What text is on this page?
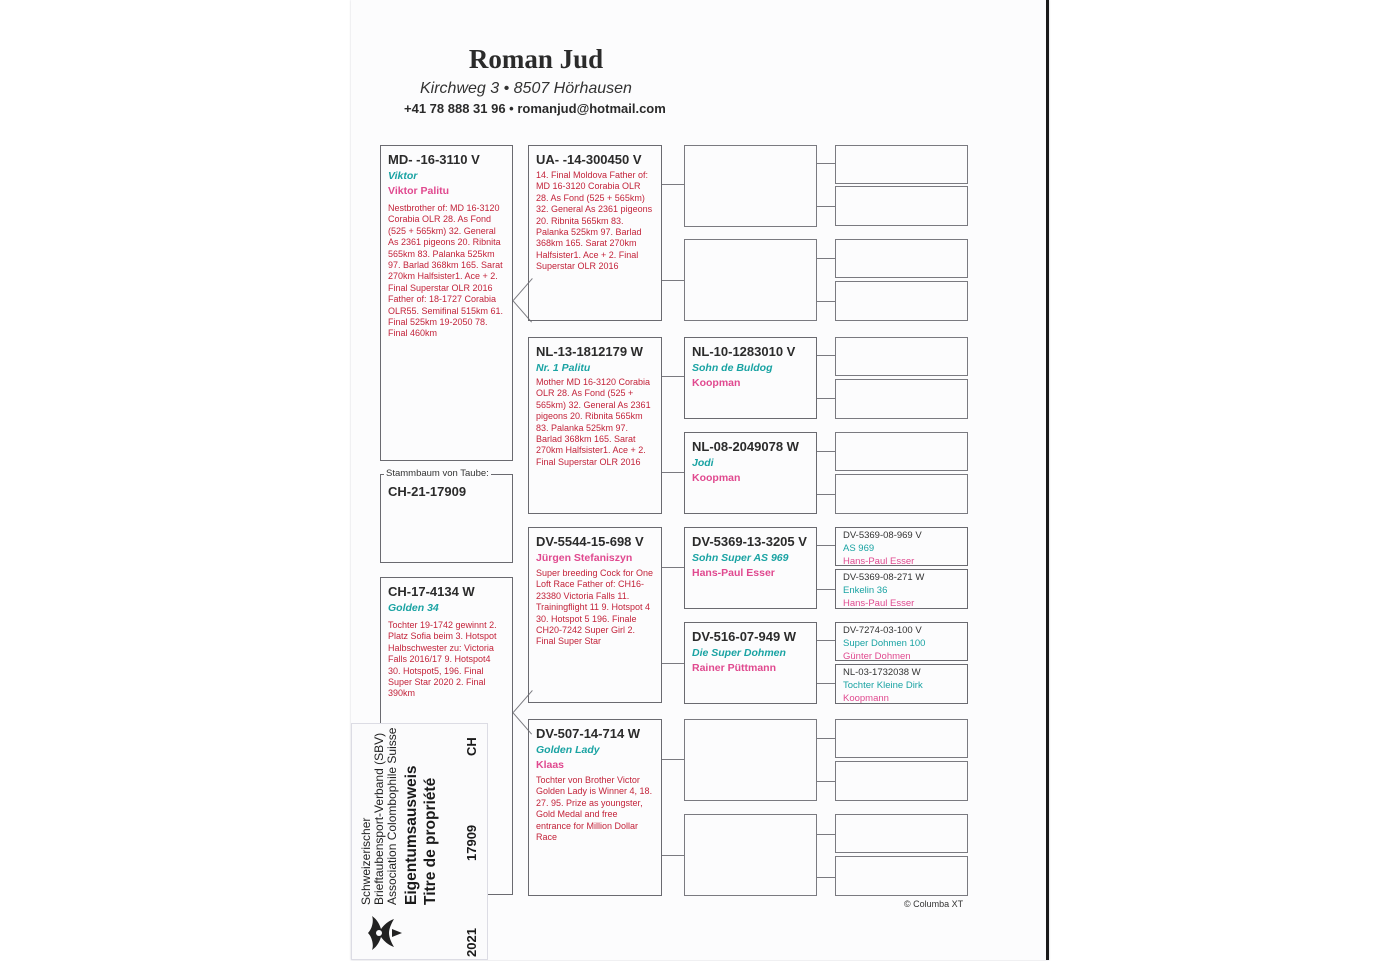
Roman Jud
Kirchweg 3 • 8507 Hörhausen
+41 78 888 31 96 • romanjud@hotmail.com
MD- -16-3110 V
Viktor
Viktor Palitu
Nestbrother of: MD 16-3120 Corabia OLR 28. As Fond (525 + 565km) 32. General As 2361 pigeons 20. Ribnita 565km 83. Palanka 525km 97. Barlad 368km 165. Sarat 270km Halfsister1. Ace + 2. Final Superstar OLR 2016 Father of: 18-1727 Corabia OLR55. Semifinal 515km 61. Final 525km 19-2050 78. Final 460km
CH-21-17909
Stammbaum von Taube:
CH-17-4134 W
Golden 34
Tochter 19-1742 gewinnt 2. Platz Sofia beim 3. Hotspot Halbschwester zu: Victoria Falls 2016/17 9. Hotspot4 30. Hotspot5, 196. Final Super Star 2020 2. Final 390km
UA- -14-300450 V
14. Final Moldova Father of: MD 16-3120 Corabia OLR 28. As Fond (525 + 565km) 32. General As 2361 pigeons 20. Ribnita 565km 83. Palanka 525km 97. Barlad 368km 165. Sarat 270km Halfsister1. Ace + 2. Final Superstar OLR 2016
NL-13-1812179 W
Nr. 1 Palitu
Mother MD 16-3120 Corabia OLR 28. As Fond (525 + 565km) 32. General As 2361 pigeons 20. Ribnita 565km 83. Palanka 525km 97. Barlad 368km 165. Sarat 270km Halfsister1. Ace + 2. Final Superstar OLR 2016
DV-5544-15-698 V
Jürgen Stefaniszyn
Super breeding Cock for One Loft Race Father of: CH16-23380 Victoria Falls 11. Trainingflight 11 9. Hotspot 4 30. Hotspot 5 196. Finale CH20-7242 Super Girl 2. Final Super Star
DV-507-14-714 W
Golden Lady
Klaas
Tochter von Brother Victor Golden Lady is Winner 4, 18. 27. 95. Prize as youngster, Gold Medal and free entrance for Million Dollar Race
NL-10-1283010 V
Sohn de Buldog
Koopman
NL-08-2049078 W
Jodi
Koopman
DV-5369-13-3205 V
Sohn Super AS 969
Hans-Paul Esser
DV-516-07-949 W
Die Super Dohmen
Rainer Püttmann
DV-5369-08-969 V
AS 969
Hans-Paul Esser
DV-5369-08-271 W
Enkelin 36
Hans-Paul Esser
DV-7274-03-100 V
Super Dohmen 100
Günter Dohmen
NL-03-1732038 W
Tochter Kleine Dirk
Koopmann
© Columba XT
Schweizerischer Brieftaubensport-Verband (SBV) Association Colombophile Suisse Eigentumsausweis Titre de propriété
2021
17909
CH
